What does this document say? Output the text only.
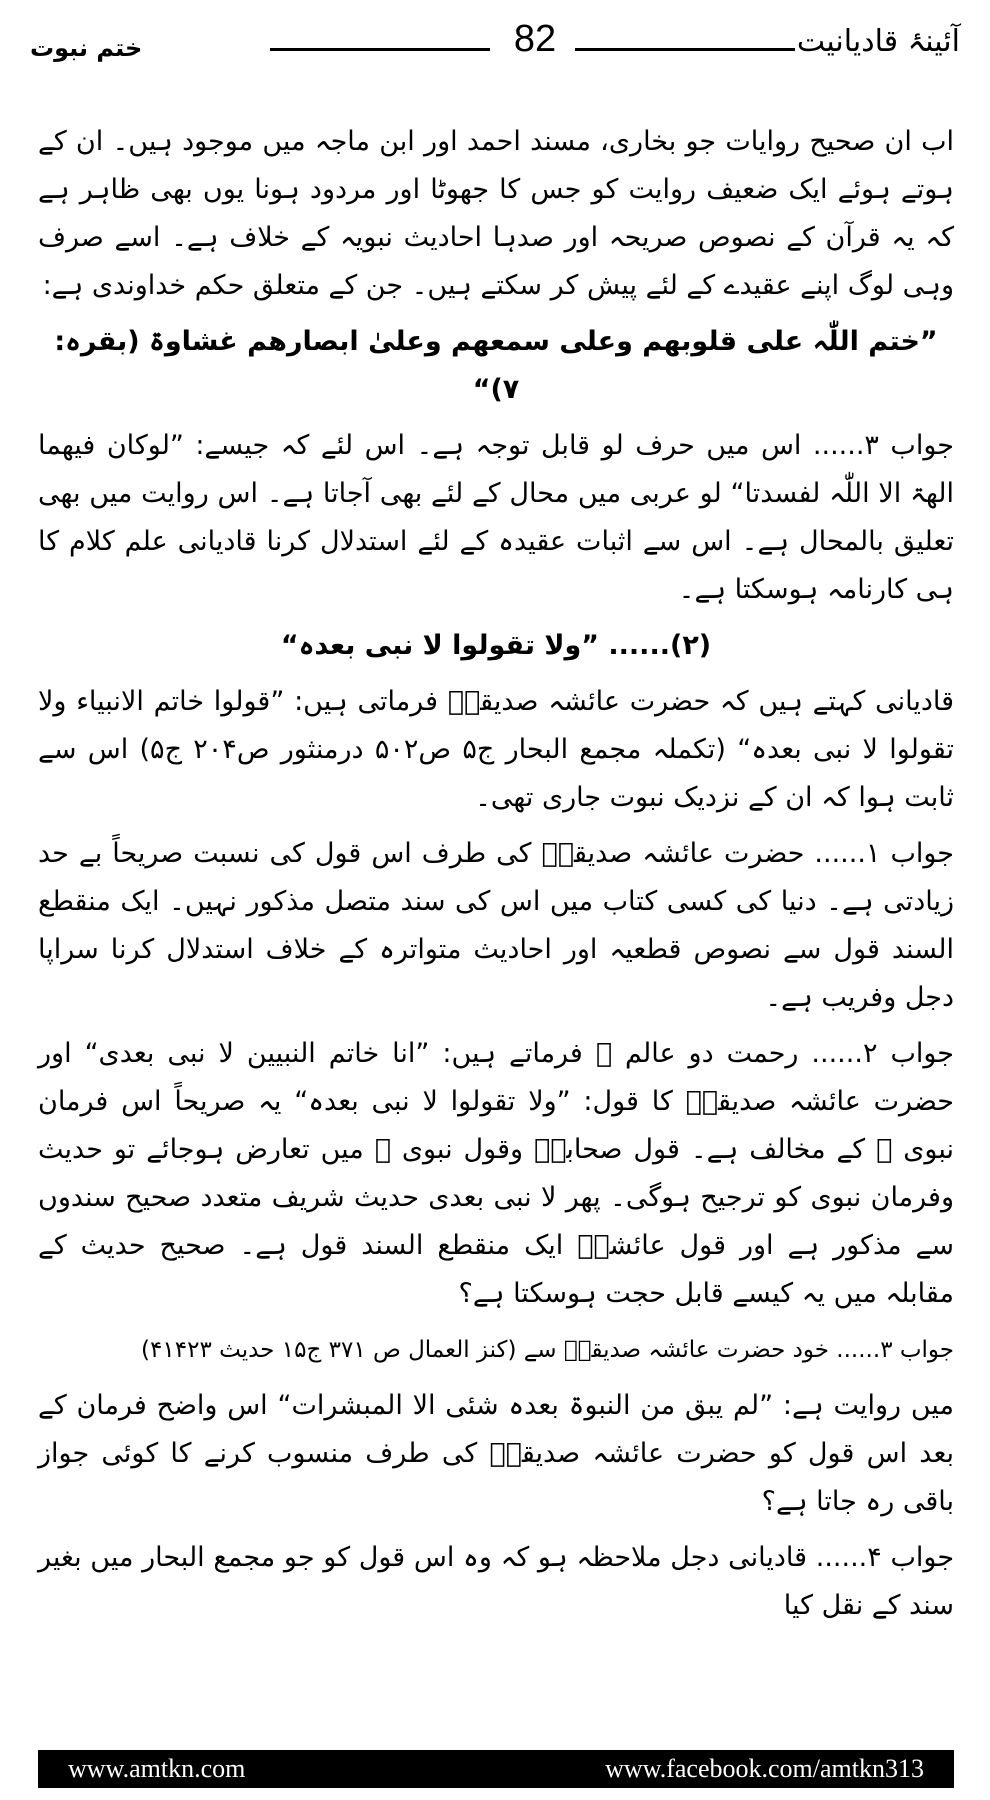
ختم نبوت	82	آئینۂ قادیانیت

اب ان صحیح روایات جو بخاری، مسند احمد اور ابن ماجہ میں موجود ہیں۔ ان کے ہوتے ہوئے ایک ضعیف روایت کو جس کا جھوٹا اور مردود ہونا یوں بھی ظاہر ہے کہ یہ قرآن کے نصوص صریحہ اور صدہا احادیث نبویہ کے خلاف ہے۔ اسے صرف وہی لوگ اپنے عقیدے کے لئے پیش کر سکتے ہیں۔ جن کے متعلق حکم خداوندی ہے:

”ختم اللّٰہ علی قلوبھم وعلی سمعھم وعلیٰ ابصارھم غشاوۃ (بقرہ: ۷)“

جواب ۳...... اس میں حرف لو قابل توجہ ہے۔ اس لئے کہ جیسے: ”لوکان فیھما الھۃ الا اللّٰہ لفسدتا“ لو عربی میں محال کے لئے بھی آجاتا ہے۔ اس روایت میں بھی تعلیق بالمحال ہے۔ اس سے اثبات عقیدہ کے لئے استدلال کرنا قادیانی علم کلام کا ہی کارنامہ ہوسکتا ہے۔

(۲)...... ”ولا تقولوا لا نبی بعدہ“

قادیانی کہتے ہیں کہ حضرت عائشہ صدیقہؓ فرماتی ہیں: ”قولوا خاتم الانبیاء ولا تقولوا لا نبی بعدہ“ (تکملہ مجمع البحار ج۵ ص۵۰۲ درمنثور ص۲۰۴ ج۵) اس سے ثابت ہوا کہ ان کے نزدیک نبوت جاری تھی۔

جواب ۱...... حضرت عائشہ صدیقہؓ کی طرف اس قول کی نسبت صریحاً بے حد زیادتی ہے۔ دنیا کی کسی کتاب میں اس کی سند متصل مذکور نہیں۔ ایک منقطع السند قول سے نصوص قطعیہ اور احادیث متواترہ کے خلاف استدلال کرنا سراپا دجل وفریب ہے۔

جواب ۲...... رحمت دو عالم ﷺ فرماتے ہیں: ”انا خاتم النبیین لا نبی بعدی“ اور حضرت عائشہ صدیقہؓ کا قول: ”ولا تقولوا لا نبی بعدہ“ یہ صریحاً اس فرمان نبوی ﷺ کے مخالف ہے۔ قول صحابہؓ وقول نبوی ﷺ میں تعارض ہوجائے تو حدیث وفرمان نبوی کو ترجیح ہوگی۔ پھر لا نبی بعدی حدیث شریف متعدد صحیح سندوں سے مذکور ہے اور قول عائشہؓ ایک منقطع السند قول ہے۔ صحیح حدیث کے مقابلہ میں یہ کیسے قابل حجت ہوسکتا ہے؟

جواب ۳...... خود حضرت عائشہ صدیقہؓ سے (کنز العمال ص ۳۷۱ ج۱۵ حدیث ۴۱۴۲۳)

میں روایت ہے: ”لم یبق من النبوۃ بعدہ شئی الا المبشرات“ اس واضح فرمان کے بعد اس قول کو حضرت عائشہ صدیقہؓ کی طرف منسوب کرنے کا کوئی جواز باقی رہ جاتا ہے؟

جواب ۴...... قادیانی دجل ملاحظہ ہو کہ وہ اس قول کو جو مجمع البحار میں بغیر سند کے نقل کیا

www.amtkn.com	www.facebook.com/amtkn313
